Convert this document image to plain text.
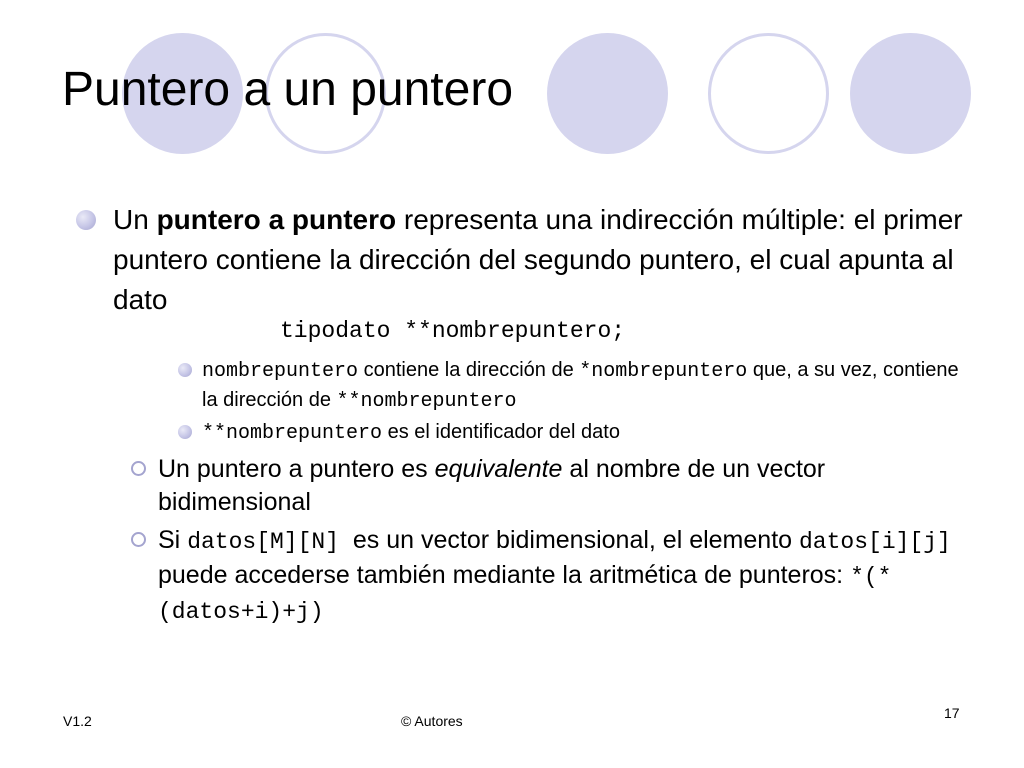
Puntero a un puntero
Un puntero a puntero representa una indirección múltiple: el primer puntero contiene la dirección del segundo puntero, el cual apunta al dato
tipodato **nombrepuntero;
nombrepuntero contiene la dirección de *nombrepuntero que, a su vez, contiene la dirección de **nombrepuntero
**nombrepuntero es el identificador del dato
Un puntero a puntero es equivalente al nombre de un vector bidimensional
Si datos[M][N]  es un vector bidimensional, el elemento datos[i][j] puede accederse también mediante la aritmética de punteros: *(*(datos+i)+j)
V1.2	© Autores	17
